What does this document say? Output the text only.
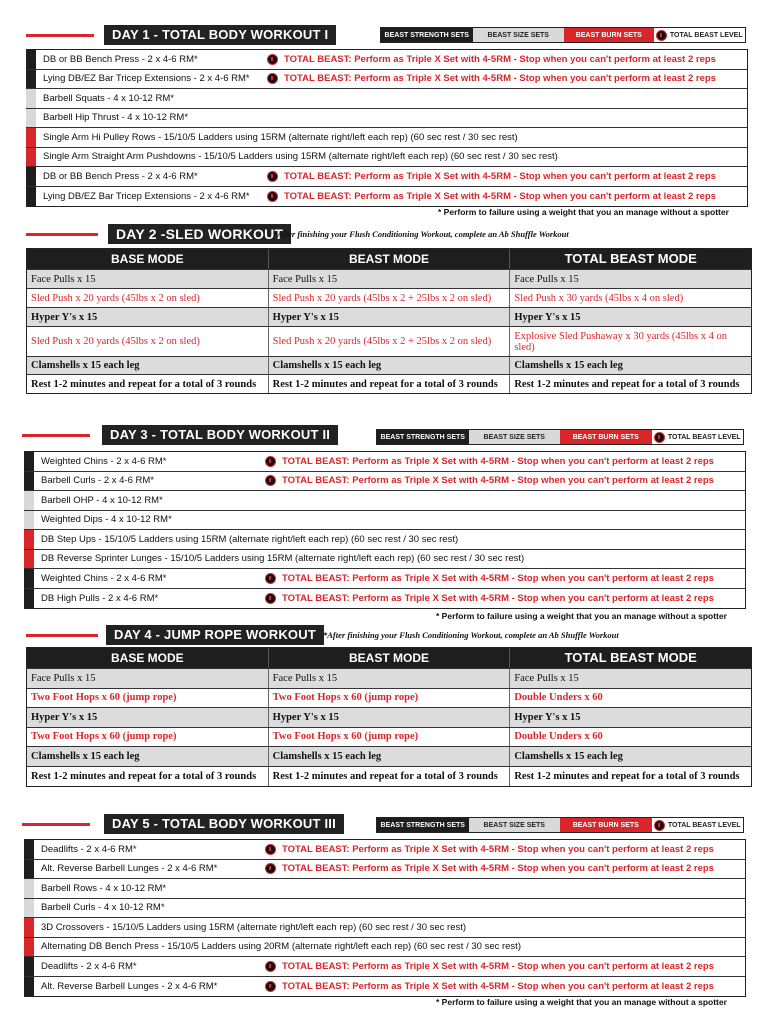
DAY 1 - TOTAL BODY WORKOUT I	BEAST STRENGTH SETS	BEAST SIZE SETS	BEAST BURN SETS	TOTAL BEAST LEVEL
DB or BB Bench Press - 2 x 4-6 RM*	TOTAL BEAST: Perform as Triple X Set with 4-5RM - Stop when you can't perform at least 2 reps
Lying DB/EZ Bar Tricep Extensions - 2 x 4-6 RM*	TOTAL BEAST: Perform as Triple X Set with 4-5RM - Stop when you can't perform at least 2 reps
Barbell Squats - 4 x 10-12 RM*
Barbell Hip Thrust - 4 x 10-12 RM*
Single Arm Hi Pulley Rows - 15/10/5 Ladders using 15RM (alternate right/left each rep) (60 sec rest / 30 sec rest)
Single Arm Straight Arm Pushdowns - 15/10/5 Ladders using 15RM (alternate right/left each rep) (60 sec rest / 30 sec rest)
DB or BB Bench Press - 2 x 4-6 RM*	TOTAL BEAST: Perform as Triple X Set with 4-5RM - Stop when you can't perform at least 2 reps
Lying DB/EZ Bar Tricep Extensions - 2 x 4-6 RM*	TOTAL BEAST: Perform as Triple X Set with 4-5RM - Stop when you can't perform at least 2 reps
* Perform to failure using a weight that you an manage without a spotter
DAY 2 -SLED WORKOUT
*After finishing your Flush Conditioning Workout, complete an Ab Shuffle Workout
BASE MODE	BEAST MODE	TOTAL BEAST MODE
Face Pulls x 15	Face Pulls x 15	Face Pulls x 15
Sled Push x 20 yards (45lbs x 2 on sled)	Sled Push x 20 yards (45lbs x 2 + 25lbs x 2 on sled)	Sled Push x 30 yards (45lbs x 4 on sled)
Hyper Y's x 15	Hyper Y's x 15	Hyper Y's x 15
Sled Push x 20 yards (45lbs x 2 on sled)	Sled Push x 20 yards (45lbs x 2 + 25lbs x 2 on sled)	Explosive Sled Pushaway x 30 yards (45lbs x 4 on sled)
Clamshells x 15 each leg	Clamshells x 15 each leg	Clamshells x 15 each leg
Rest 1-2 minutes and repeat for a total of 3 rounds	Rest 1-2 minutes and repeat for a total of 3 rounds	Rest 1-2 minutes and repeat for a total of 3 rounds
DAY 3 - TOTAL BODY WORKOUT II	BEAST STRENGTH SETS	BEAST SIZE SETS	BEAST BURN SETS	TOTAL BEAST LEVEL
Weighted Chins - 2 x 4-6 RM*	TOTAL BEAST: Perform as Triple X Set with 4-5RM - Stop when you can't perform at least 2 reps
Barbell Curls - 2 x 4-6 RM*	TOTAL BEAST: Perform as Triple X Set with 4-5RM - Stop when you can't perform at least 2 reps
Barbell OHP - 4 x 10-12 RM*
Weighted Dips - 4 x 10-12 RM*
DB Step Ups - 15/10/5 Ladders using 15RM (alternate right/left each rep) (60 sec rest / 30 sec rest)
DB Reverse Sprinter Lunges - 15/10/5 Ladders using 15RM (alternate right/left each rep) (60 sec rest / 30 sec rest)
Weighted Chins - 2 x 4-6 RM*	TOTAL BEAST: Perform as Triple X Set with 4-5RM - Stop when you can't perform at least 2 reps
DB High Pulls - 2 x 4-6 RM*	TOTAL BEAST: Perform as Triple X Set with 4-5RM - Stop when you can't perform at least 2 reps
* Perform to failure using a weight that you an manage without a spotter
DAY 4 - JUMP ROPE WORKOUT *After finishing your Flush Conditioning Workout, complete an Ab Shuffle Workout
BASE MODE	BEAST MODE	TOTAL BEAST MODE
Face Pulls x 15	Face Pulls x 15	Face Pulls x 15
Two Foot Hops x 60 (jump rope)	Two Foot Hops x 60 (jump rope)	Double Unders x 60
Hyper Y's x 15	Hyper Y's x 15	Hyper Y's x 15
Two Foot Hops x 60 (jump rope)	Two Foot Hops x 60 (jump rope)	Double Unders x 60
Clamshells x 15 each leg	Clamshells x 15 each leg	Clamshells x 15 each leg
Rest 1-2 minutes and repeat for a total of 3 rounds	Rest 1-2 minutes and repeat for a total of 3 rounds	Rest 1-2 minutes and repeat for a total of 3 rounds
DAY 5 - TOTAL BODY WORKOUT III	BEAST STRENGTH SETS	BEAST SIZE SETS	BEAST BURN SETS	TOTAL BEAST LEVEL
Deadlifts - 2 x 4-6 RM*	TOTAL BEAST: Perform as Triple X Set with 4-5RM - Stop when you can't perform at least 2 reps
Alt. Reverse Barbell Lunges - 2 x 4-6 RM*	TOTAL BEAST: Perform as Triple X Set with 4-5RM - Stop when you can't perform at least 2 reps
Barbell Rows - 4 x 10-12 RM*
Barbell Curls - 4 x 10-12 RM*
3D Crossovers - 15/10/5 Ladders using 15RM (alternate right/left each rep) (60 sec rest / 30 sec rest)
Alternating DB Bench Press - 15/10/5 Ladders using 20RM (alternate right/left each rep) (60 sec rest / 30 sec rest)
Deadlifts - 2 x 4-6 RM*	TOTAL BEAST: Perform as Triple X Set with 4-5RM - Stop when you can't perform at least 2 reps
Alt. Reverse Barbell Lunges - 2 x 4-6 RM*	TOTAL BEAST: Perform as Triple X Set with 4-5RM - Stop when you can't perform at least 2 reps
* Perform to failure using a weight that you an manage without a spotter
